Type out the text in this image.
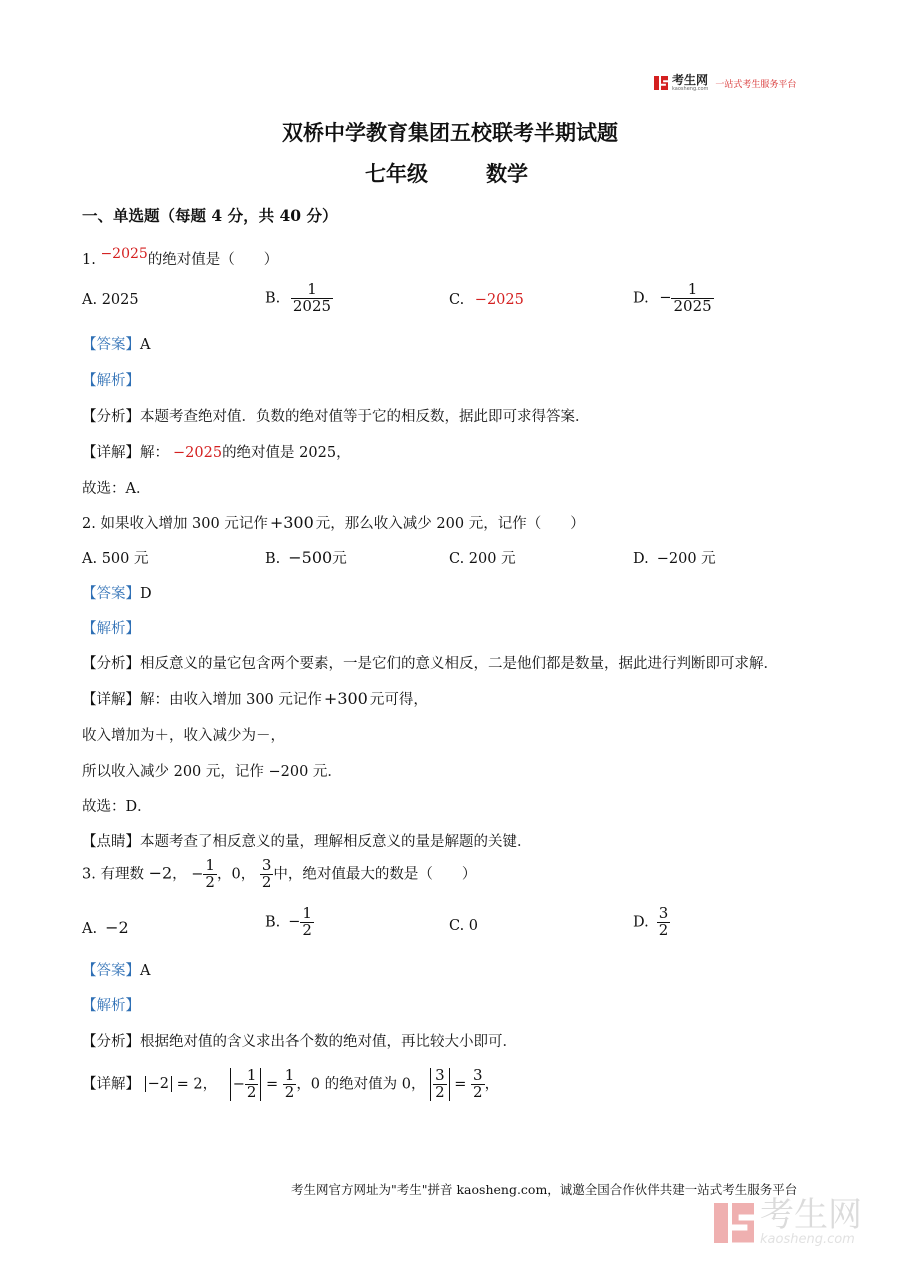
考生网
kaosheng.com 一站式考生服务平台
双桥中学教育集团五校联考半期试题
七年级	数学
一、单选题（每题 4 分，共 40 分）
1. $^{-2025}$的绝对值是（　　）
A. 2025	B. $\frac{1}{2025}$	C. −2025	D. − $\frac{1}{2025}$
【答案】A
【解析】
【分析】本题考查绝对值．负数的绝对值等于它的相反数，据此即可求得答案．
【详解】解： −2025的绝对值是 2025，
故选：A．
2. 如果收入增加 300 元记作 +300 元，那么收入减少 200 元，记作（　　）
A. 500 元	B. −500元	C. 200 元	D. −200 元
【答案】D
【解析】
【分析】相反意义的量它包含两个要素，一是它们的意义相反，二是他们都是数量，据此进行判断即可求解．
【详解】解：由收入增加 300 元记作 +300 元可得，
收入增加为＋，收入减少为－，
所以收入减少 200 元，记作 −200 元．
故选：D．
【点睛】本题考查了相反意义的量，理解相反意义的量是解题的关键．
3. 有理数 −2， − $\frac{1}{2}$ ，0， $\frac{3}{2}$ 中，绝对值最大的数是（　　）
A. −2	B. − $\frac{1}{2}$	C. 0	D. $\frac{3}{2}$
【答案】A
【解析】
【分析】根据绝对值的含义求出各个数的绝对值，再比较大小即可．
【详解】 −2 = 2， − $\frac{1}{2} = \frac{1}{2}$ ，0 的绝对值为 0， $\frac{3}{2} = \frac{3}{2}$ ，
考生网官方网址为"考生"拼音 kaosheng.com，诚邀全国合作伙伴共建一站式考生服务平台
考生网
kaosheng.com
